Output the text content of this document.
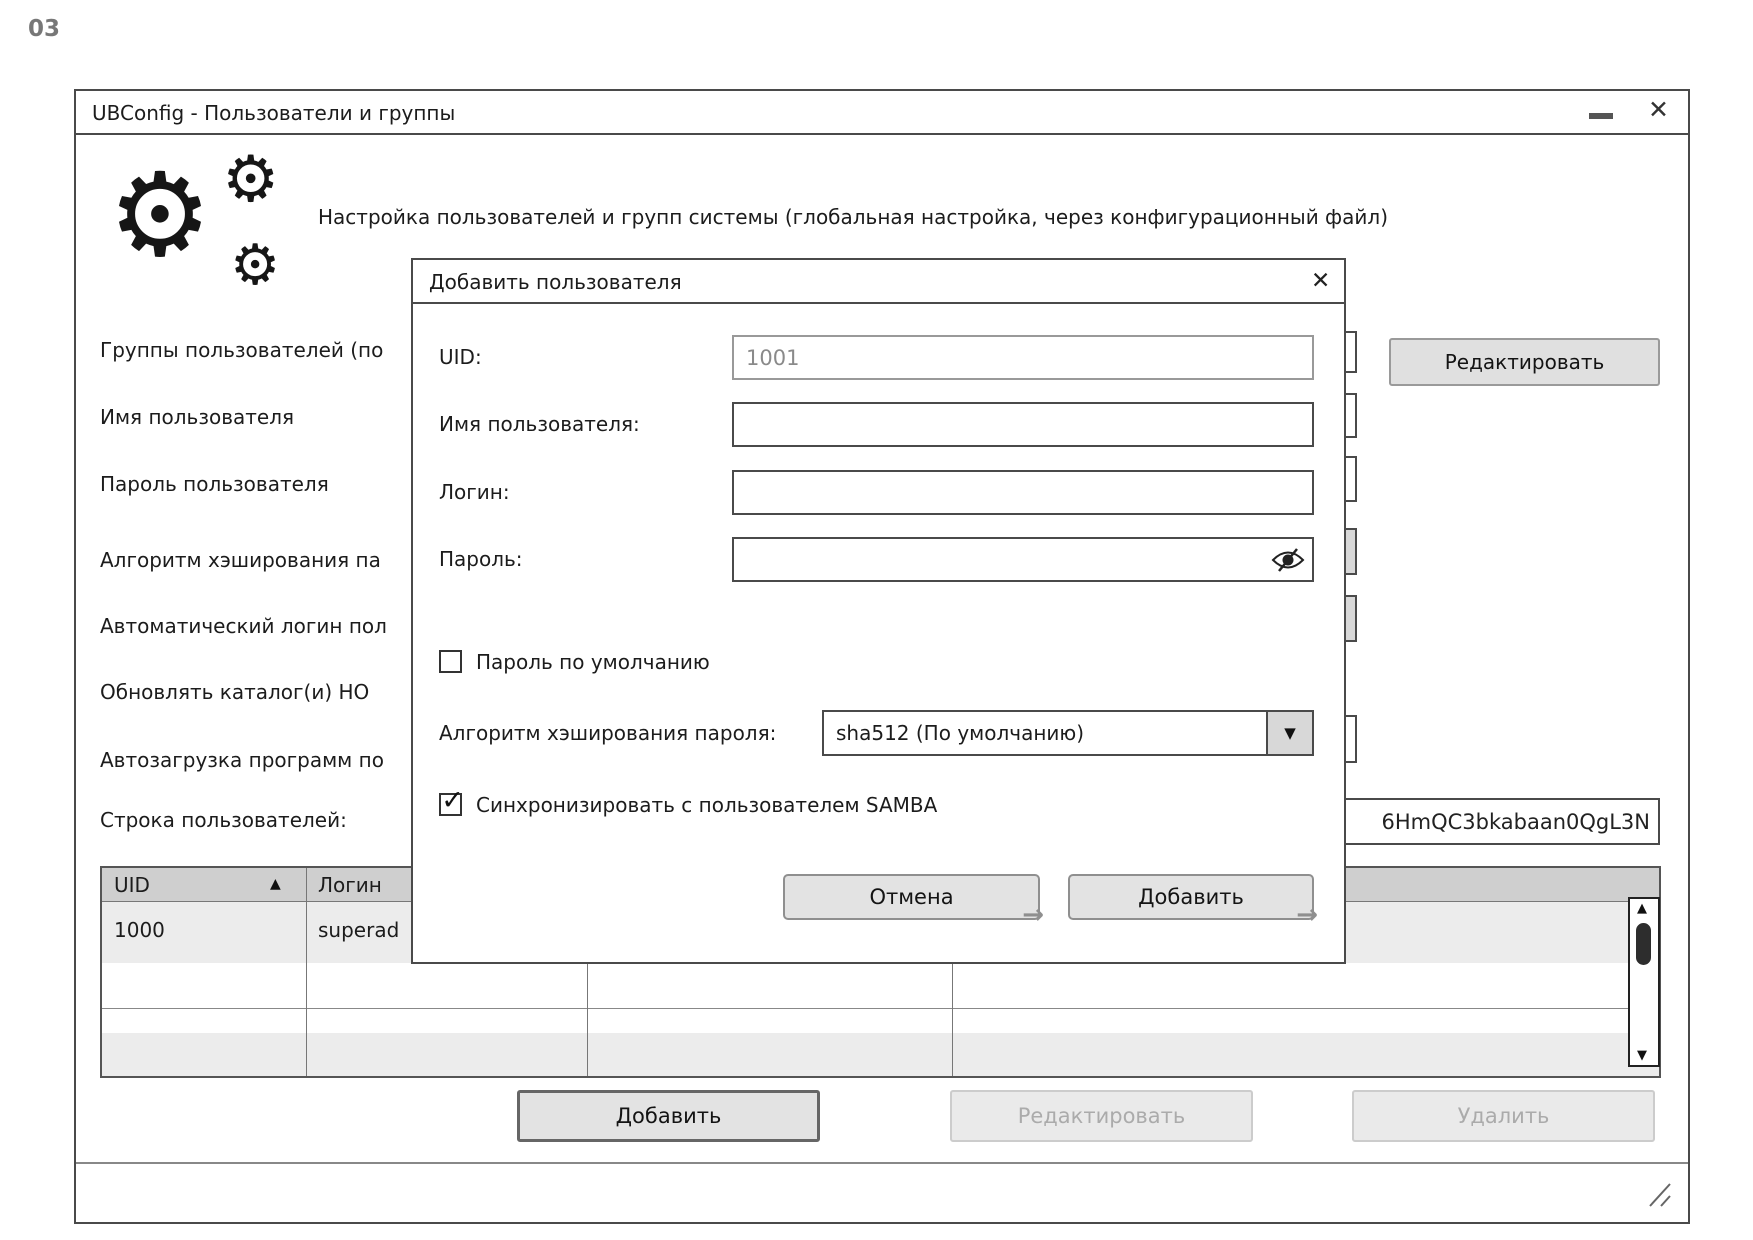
03
UBConfig - Пользователи и группы	✕
⚙ ⚙
⚙
Настройка пользователей и групп системы (глобальная настройка, через конфигурационный файл)
Группы пользователей (по
Имя пользователя
Пароль пользователя
Алгоритм хэширования па
Автоматический логин пол
Обновлять каталог(и) HO
Автозагрузка программ по
Строка пользователей:	6HmQC3bkabaan0QgL3N
Редактировать
UID	▲ Логин
1000	superad
▲
▼
Добавить	Редактировать	Удалить
Добавить пользователя	✕
UID:	1001
Имя пользователя:
Логин:
Пароль:
Пароль по умолчанию
Алгоритм хэширования пароля:	sha512 (По умолчанию)	▼
✓ Синхронизировать с пользователем SAMBA
Отмена
→
Добавить
→
